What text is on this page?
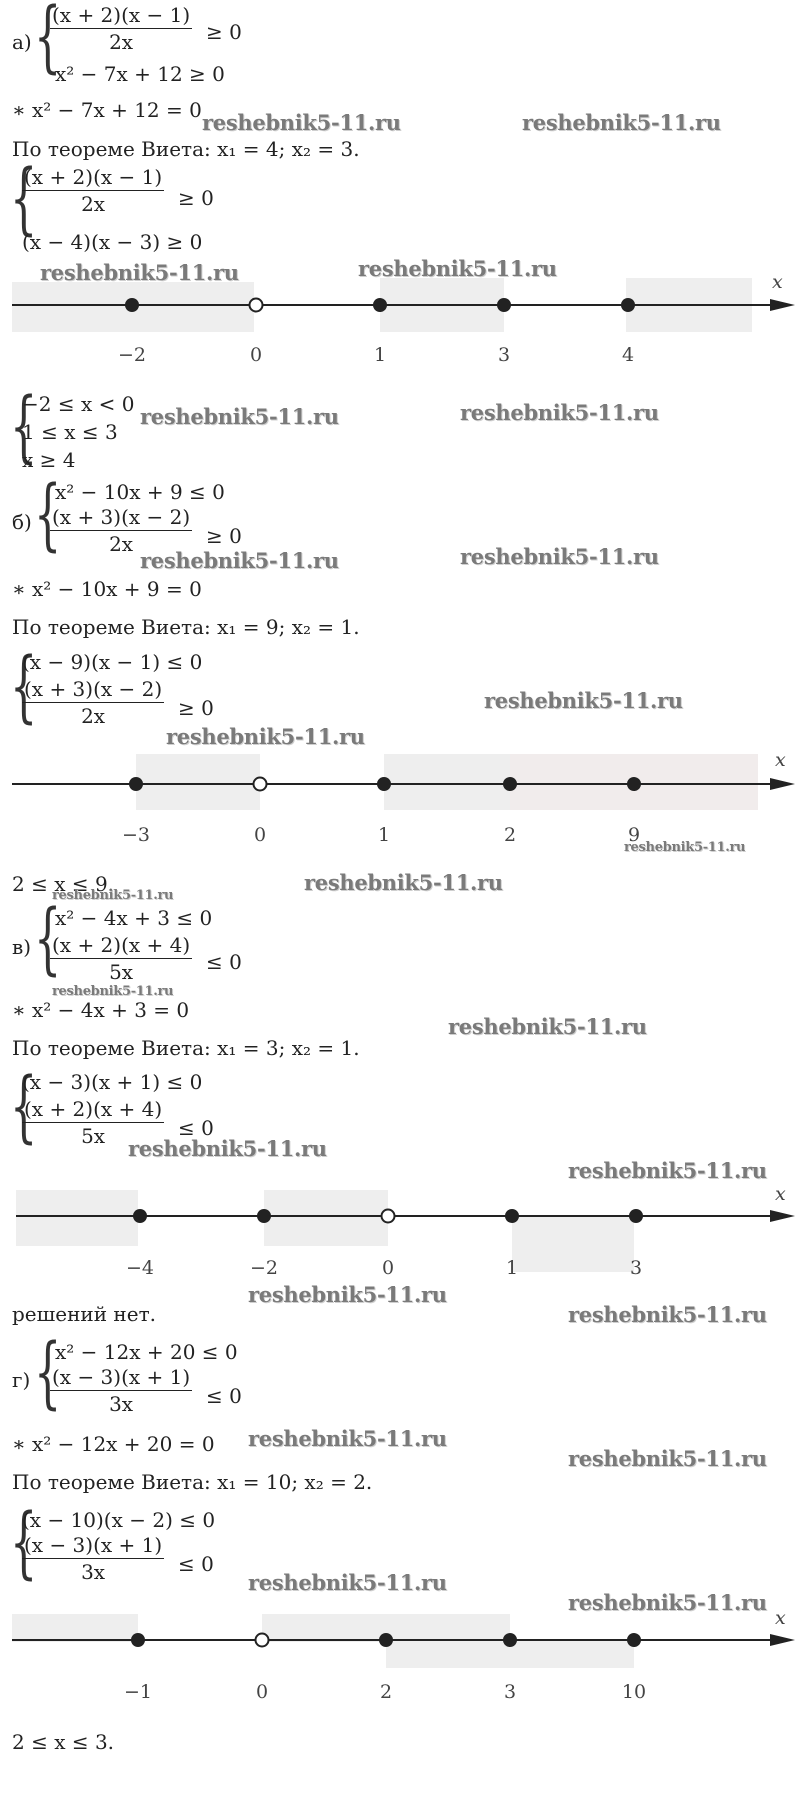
а) {
$\frac{(x + 2)(x - 1)}{2x} \ge 0$
x² − 7x + 12 ≥ 0
∗ x² − 7x + 12 = 0
По теореме Виета: x₁ = 4; x₂ = 3.
{
$\frac{(x + 2)(x - 1)}{2x} \ge 0$
(x − 4)(x − 3) ≥ 0
x
−2	0	1	3	4
{
−2 ≤ x < 0
1 ≤ x ≤ 3
x ≥ 4
б) {
x² − 10x + 9 ≤ 0
$\frac{(x + 3)(x - 2)}{2x} \ge 0$
∗ x² − 10x + 9 = 0
По теореме Виета: x₁ = 9; x₂ = 1.
{
(x − 9)(x − 1) ≤ 0
$\frac{(x + 3)(x - 2)}{2x} \ge 0$
x
−3	0	1	2	9
2 ≤ x ≤ 9.
в) {
x² − 4x + 3 ≤ 0
$\frac{(x + 2)(x + 4)}{5x} \le 0$
∗ x² − 4x + 3 = 0
По теореме Виета: x₁ = 3; x₂ = 1.
{
(x − 3)(x + 1) ≤ 0
$\frac{(x + 2)(x + 4)}{5x} \le 0$
x
−4	−2	0	1	3
решений нет.
г) {
x² − 12x + 20 ≤ 0
$\frac{(x - 3)(x + 1)}{3x} \le 0$
∗ x² − 12x + 20 = 0
По теореме Виета: x₁ = 10; x₂ = 2.
{
(x − 10)(x − 2) ≤ 0
$\frac{(x - 3)(x + 1)}{3x} \le 0$
x
−1	0	2	3	10
2 ≤ x ≤ 3.
reshebnik5-11.ru	reshebnik5-11.ru
reshebnik5-11.ru	reshebnik5-11.ru
reshebnik5-11.ru	reshebnik5-11.ru
reshebnik5-11.ru	reshebnik5-11.ru
reshebnik5-11.ru
reshebnik5-11.ru
reshebnik5-11.ru
reshebnik5-11.ru
reshebnik5-11.ru
reshebnik5-11.ru
reshebnik5-11.ru
reshebnik5-11.ru
reshebnik5-11.ru
reshebnik5-11.ru
reshebnik5-11.ru
reshebnik5-11.ru
reshebnik5-11.ru
reshebnik5-11.ru
reshebnik5-11.ru
